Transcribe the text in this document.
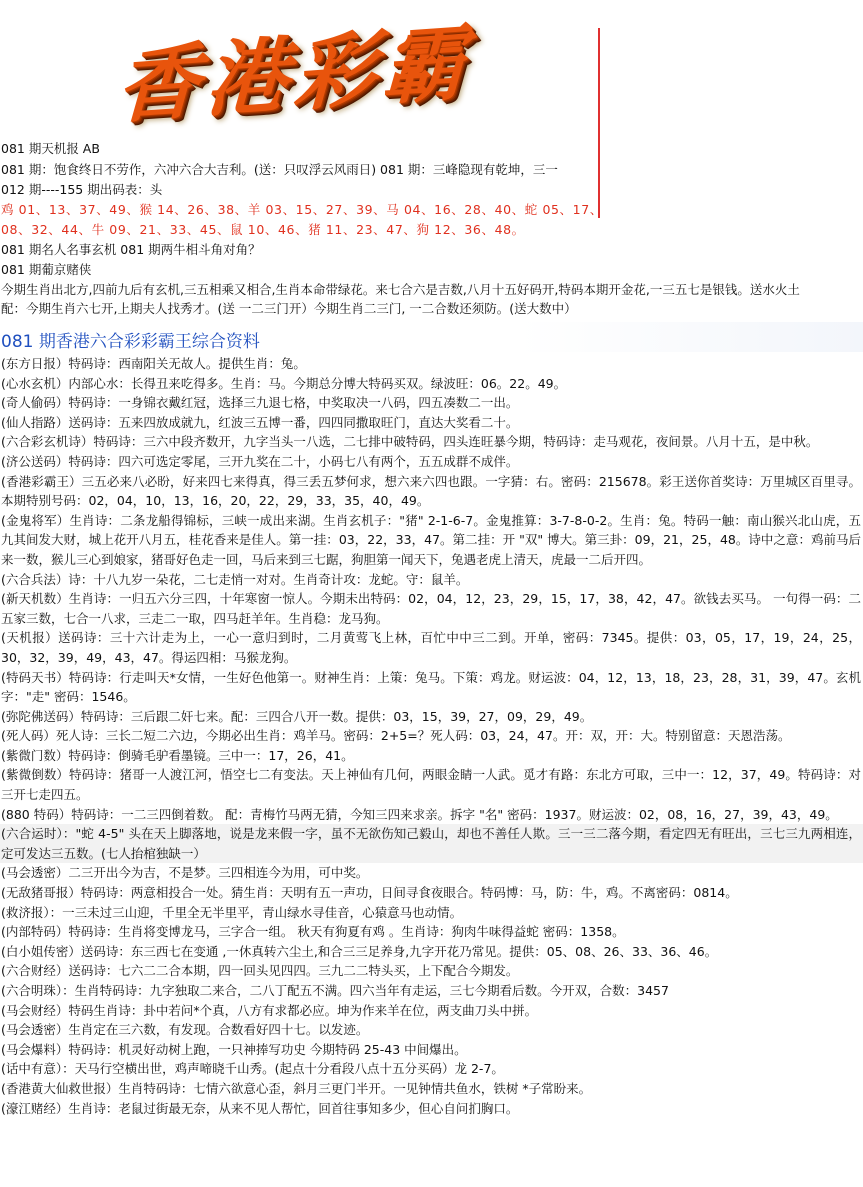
香港彩霸
081 期天机报 AB
081 期：饱食终日不劳作，六冲六合大吉利。(送：只叹浮云风雨日) 081 期：三峰隐现有乾坤，三一
012 期----155 期出码表：头
鸡 01、13、37、49、猴 14、26、38、羊 03、15、27、39、马 04、16、28、40、蛇 05、17、
08、32、44、牛 09、21、33、45、鼠 10、46、猪 11、23、47、狗 12、36、48。
081 期名人名事玄机 081 期两牛相斗角对角？
081 期葡京赌侠
今期生肖出北方,四前九后有玄机,三五相乘又相合,生肖本命带绿花。来七合六是吉数,八月十五好码开,特码本期开金花,一三五七是银钱。送水火土
配：今期生肖六七开,上期夫人找秀才。(送 一二三门开）今期生肖二三门, 一二合数还须防。(送大数中）
081 期香港六合彩彩霸王综合资料

(东方日报）特码诗：西南阳关无故人。提供生肖：兔。

(心水玄机）内部心水：长得丑来吃得多。生肖：马。今期总分博大特码买双。绿波旺：06。22。49。

(奇人偷码）特码诗：一身锦衣戴红冠，选择三九退七格，中奖取决一八码，四五凑数二一出。

(仙人指路）送码诗：五来四放成就九，红波三五博一番，四四同撒取旺门，直达大奖看二十。

(六合彩玄机诗）特码诗：三六中段齐数开，九字当头一八选，二七排中破特码，四头连旺暴今期，特码诗：走马观花，夜间景。八月十五，是中秋。

(济公送码）特码诗：四六可选定零尾，三开九奖在二十，小码七八有两个，五五成群不成伴。

(香港彩霸王）三五必来八必盼，好来四七来得真，得三丢五梦何求，想六来六四也跟。一字猜：右。密码：215678。彩王送你首奖诗：万里城区百里寻。本期特别号码：02，04，10，13，16，20，22，29，33，35，40，49。

(金鬼将军）生肖诗：二条龙船得锦标，三峡一成出来湖。生肖玄机子："猪" 2-1-6-7。金鬼推算：3-7-8-0-2。生肖：兔。特码一触：南山猴兴北山虎，五九其间发大财，城上花开八月五，桂花香来是佳人。第一挂：03，22，33，47。第二挂：开 "双" 博大。第三卦：09，21，25，48。诗中之意：鸡前马后来一数，猴儿三心到娘家，猪哥好色走一回，马后来到三七踞，狗胆第一闻天下，兔遇老虎上清天，虎最一二后开四。

(六合兵法）诗：十八九岁一朵花，二七走悄一对对。生肖奇计攻：龙蛇。守：鼠羊。

(新天机数）生肖诗：一归五六分三四，十年寒窗一惊人。今期未出特码：02，04，12，23，29，15，17，38，42，47。欲钱去买马。 一句得一码：二五家三数，七合一八求，三走二一取，四马赶羊年。生肖稳：龙马狗。

(天机报）送码诗：三十六计走为上，一心一意归到时，二月黄莺飞上林，百忙中中三二到。开单，密码：7345。提供：03，05，17，19，24，25，30，32，39，49，43，47。得运四相：马猴龙狗。

(特码天书）特码诗：行走叫天*女情，一生好色他第一。财神生肖：上策：兔马。下策：鸡龙。财运波：04，12，13，18，23，28，31，39，47。玄机字："走" 密码：1546。

(弥陀佛送码）特码诗：三后跟二奸七来。配：三四合八开一数。提供：03，15，39，27，09，29，49。

(死人码）死人诗：三长二短二六边，今期必出生肖：鸡羊马。密码：2+5=？死人码：03，24，47。开：双，开：大。特别留意：天恩浩荡。

(紫微门数）特码诗：倒骑毛驴看墨镜。三中一：17，26，41。

(紫微倒数）特码诗：猪哥一人渡江河，悟空七二有变法。天上神仙有几何，两眼金睛一人武。觅才有路：东北方可取，三中一：12，37，49。特码诗：对三开七走四五。

(880 特码）特码诗：一二三四倒着数。 配：青梅竹马两无猜，今知三四来求亲。拆字 "名" 密码：1937。财运波：02，08，16，27，39，43，49。

(六合运时）："蛇 4-5" 头在天上脚落地，说是龙来假一字，虽不无欲伤知己毅山，却也不善任人欺。三一三二落今期，看定四无有旺出，三七三九两相连，定可发达三五数。(七人抬棺独缺一）

(马会透密）二三开出今为吉，不是梦。三四相连今为用，可中奖。

(无敌猪哥报）特码诗：两意相投合一处。猜生肖：天明有五一声功，日间寻食夜眼合。特码博：马，防：牛，鸡。不离密码：0814。

(救济报）：一三未过三山迎，千里全无半里平，青山绿水寻佳音，心猿意马也动情。

(内部特码）特码诗：生肖将变博龙马，三字合一组。 秋天有狗夏有鸡 。生肖诗：狗肉牛味得益蛇 密码：1358。

(白小姐传密）送码诗：东三西七在变通 ,一休真转六尘土,和合三三足养身,九字开花乃常见。提供：05、08、26、33、36、46。

(六合财经）送码诗：七六二二合本期，四一回头见四四。三九二二特头买，上下配合今期发。

(六合明珠）：生肖特码诗：九字独取二来合，二八丁配五不满。四六当年有走运，三七今期看后数。今开双，合数：3457

(马会财经）特码生肖诗：卦中若问*个真，八方有求都必应。坤为作来羊在位，两支曲刀头中拼。

(马会透密）生肖定在三六数，有发现。合数看好四十七。以发迹。

(马会爆料）特码诗：机灵好动树上跑，一只神捧写功史 今期特码 25-43 中间爆出。

(话中有意）：天马行空横出世，鸡声啼晓千山秀。(起点十分看段八点十五分买码）龙 2-7。

(香港黄大仙救世报）生肖特码诗：七情六欲意心歪，斜月三更门半开。一见钟情共鱼水，铁树 *子常盼来。

(濠江赌经）生肖诗：老鼠过街最无奈，从来不见人帮忙，回首往事知多少，但心自问扪胸口。
